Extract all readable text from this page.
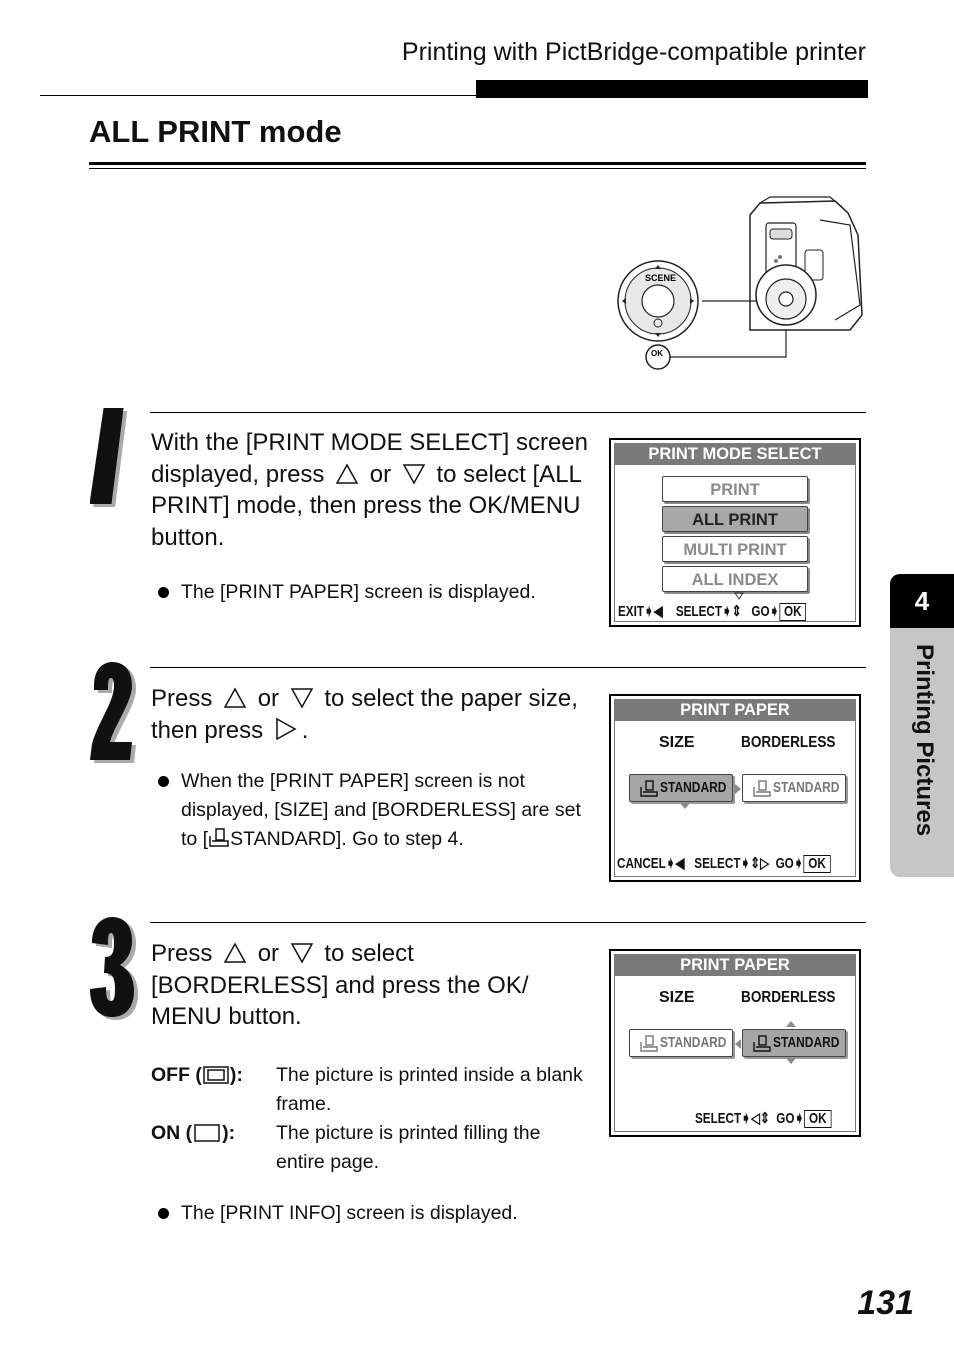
Printing with PictBridge-compatible printer
ALL PRINT mode
SCENE
OK
With the [PRINT MODE SELECT] screen displayed, press or to select [ALL PRINT] mode, then press the OK/MENU button.
The [PRINT PAPER] screen is displayed.
PRINT MODE SELECT
PRINT
ALL PRINT
MULTI PRINT
ALL INDEX
EXIT➧◀    SELECT➧⇕   GO➧ OK
Press or to select the paper size, then press .
When the [PRINT PAPER] screen is not displayed, [SIZE] and [BORDERLESS] are set to [ STANDARD]. Go to step 4.
PRINT PAPER
SIZE	BORDERLESS
STANDARD	STANDARD
CANCEL➧◀   SELECT➧⇕▷  GO➧ OK
Press or to select [BORDERLESS] and press the OK/ MENU button.
OFF ( ): The picture is printed inside a blank frame.
ON ( ): The picture is printed filling the entire page.
The [PRINT INFO] screen is displayed.
PRINT PAPER
SIZE	BORDERLESS
STANDARD	STANDARD
SELECT➧◁⇕  GO➧ OK
4
Printing Pictures
131
